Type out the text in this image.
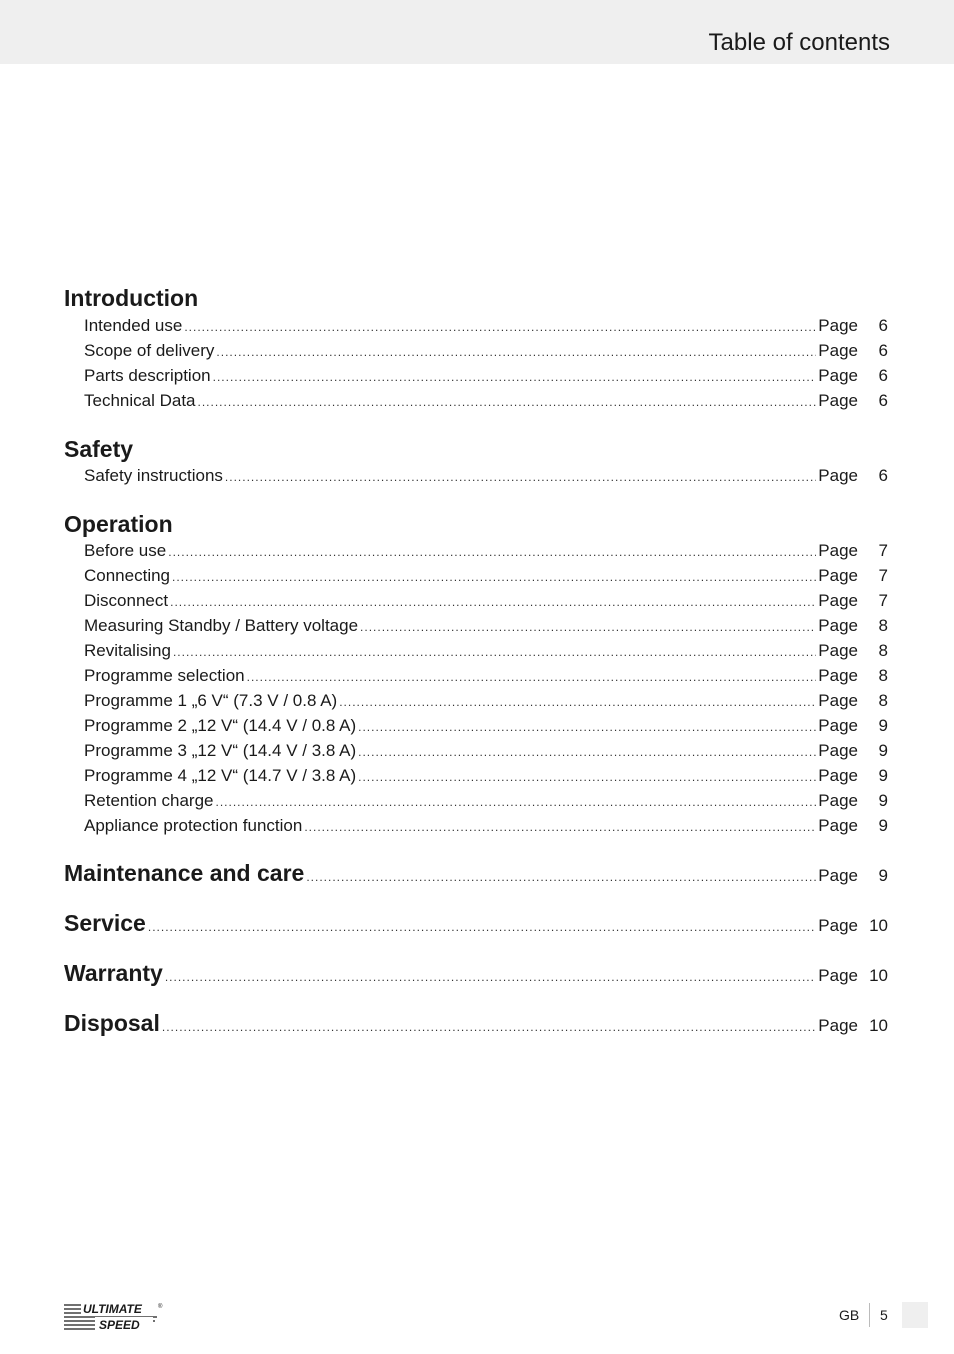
Table of contents
Introduction
Intended use .....	Page	6
Scope of delivery .....	Page	6
Parts description .....	Page	6
Technical Data .....	Page	6
Safety
Safety instructions .....	Page	6
Operation
Before use .....	Page	7
Connecting .....	Page	7
Disconnect .....	Page	7
Measuring Standby / Battery voltage .....	Page	8
Revitalising .....	Page	8
Programme selection .....	Page	8
Programme 1 „6 V“ (7.3 V / 0.8 A) .....	Page	8
Programme 2 „12 V“ (14.4 V / 0.8 A) .....	Page	9
Programme 3 „12 V“ (14.4 V / 3.8 A) .....	Page	9
Programme 4 „12 V“ (14.7 V / 3.8 A) .....	Page	9
Retention charge .....	Page	9
Appliance protection function .....	Page	9
Maintenance and care .....	Page	9
Service .....	Page 10
Warranty .....	Page 10
Disposal .....	Page 10
ULTIMATE
SPEED
®	GB 5
